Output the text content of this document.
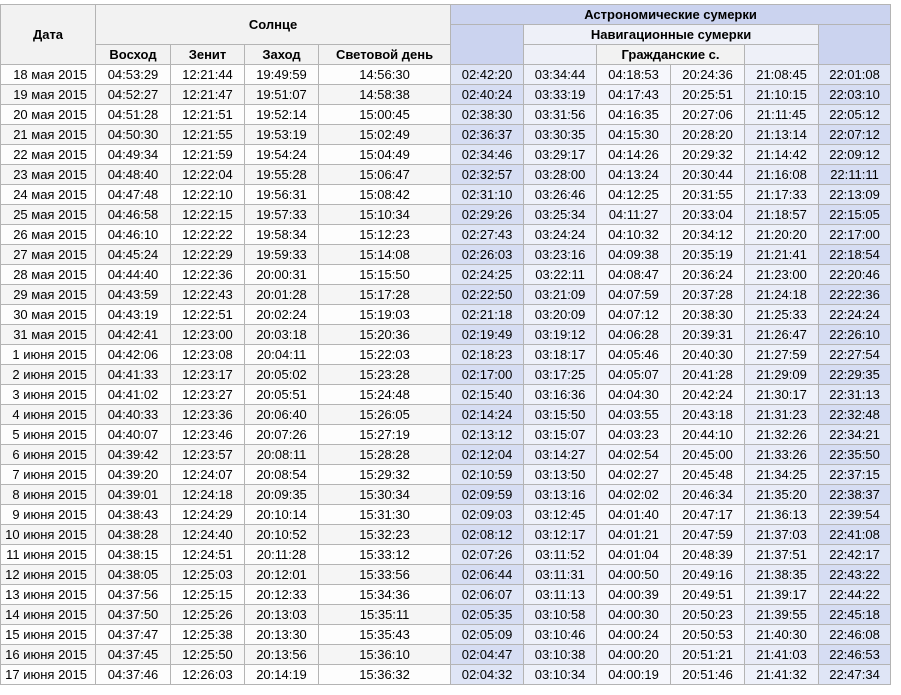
Дата	Солнце				Астрономические сумерки					
						Навигационные сумерки				
	Восход	Зенит	Заход	Световой день			Гражданские с.			
18 мая 2015	04:53:29	12:21:44	19:49:59	14:56:30	02:42:20	03:34:44	04:18:53	20:24:36	21:08:45	22:01:08
19 мая 2015	04:52:27	12:21:47	19:51:07	14:58:38	02:40:24	03:33:19	04:17:43	20:25:51	21:10:15	22:03:10
20 мая 2015	04:51:28	12:21:51	19:52:14	15:00:45	02:38:30	03:31:56	04:16:35	20:27:06	21:11:45	22:05:12
21 мая 2015	04:50:30	12:21:55	19:53:19	15:02:49	02:36:37	03:30:35	04:15:30	20:28:20	21:13:14	22:07:12
22 мая 2015	04:49:34	12:21:59	19:54:24	15:04:49	02:34:46	03:29:17	04:14:26	20:29:32	21:14:42	22:09:12
23 мая 2015	04:48:40	12:22:04	19:55:28	15:06:47	02:32:57	03:28:00	04:13:24	20:30:44	21:16:08	22:11:11
24 мая 2015	04:47:48	12:22:10	19:56:31	15:08:42	02:31:10	03:26:46	04:12:25	20:31:55	21:17:33	22:13:09
25 мая 2015	04:46:58	12:22:15	19:57:33	15:10:34	02:29:26	03:25:34	04:11:27	20:33:04	21:18:57	22:15:05
26 мая 2015	04:46:10	12:22:22	19:58:34	15:12:23	02:27:43	03:24:24	04:10:32	20:34:12	21:20:20	22:17:00
27 мая 2015	04:45:24	12:22:29	19:59:33	15:14:08	02:26:03	03:23:16	04:09:38	20:35:19	21:21:41	22:18:54
28 мая 2015	04:44:40	12:22:36	20:00:31	15:15:50	02:24:25	03:22:11	04:08:47	20:36:24	21:23:00	22:20:46
29 мая 2015	04:43:59	12:22:43	20:01:28	15:17:28	02:22:50	03:21:09	04:07:59	20:37:28	21:24:18	22:22:36
30 мая 2015	04:43:19	12:22:51	20:02:24	15:19:03	02:21:18	03:20:09	04:07:12	20:38:30	21:25:33	22:24:24
31 мая 2015	04:42:41	12:23:00	20:03:18	15:20:36	02:19:49	03:19:12	04:06:28	20:39:31	21:26:47	22:26:10
1 июня 2015	04:42:06	12:23:08	20:04:11	15:22:03	02:18:23	03:18:17	04:05:46	20:40:30	21:27:59	22:27:54
2 июня 2015	04:41:33	12:23:17	20:05:02	15:23:28	02:17:00	03:17:25	04:05:07	20:41:28	21:29:09	22:29:35
3 июня 2015	04:41:02	12:23:27	20:05:51	15:24:48	02:15:40	03:16:36	04:04:30	20:42:24	21:30:17	22:31:13
4 июня 2015	04:40:33	12:23:36	20:06:40	15:26:05	02:14:24	03:15:50	04:03:55	20:43:18	21:31:23	22:32:48
5 июня 2015	04:40:07	12:23:46	20:07:26	15:27:19	02:13:12	03:15:07	04:03:23	20:44:10	21:32:26	22:34:21
6 июня 2015	04:39:42	12:23:57	20:08:11	15:28:28	02:12:04	03:14:27	04:02:54	20:45:00	21:33:26	22:35:50
7 июня 2015	04:39:20	12:24:07	20:08:54	15:29:32	02:10:59	03:13:50	04:02:27	20:45:48	21:34:25	22:37:15
8 июня 2015	04:39:01	12:24:18	20:09:35	15:30:34	02:09:59	03:13:16	04:02:02	20:46:34	21:35:20	22:38:37
9 июня 2015	04:38:43	12:24:29	20:10:14	15:31:30	02:09:03	03:12:45	04:01:40	20:47:17	21:36:13	22:39:54
10 июня 2015	04:38:28	12:24:40	20:10:52	15:32:23	02:08:12	03:12:17	04:01:21	20:47:59	21:37:03	22:41:08
11 июня 2015	04:38:15	12:24:51	20:11:28	15:33:12	02:07:26	03:11:52	04:01:04	20:48:39	21:37:51	22:42:17
12 июня 2015	04:38:05	12:25:03	20:12:01	15:33:56	02:06:44	03:11:31	04:00:50	20:49:16	21:38:35	22:43:22
13 июня 2015	04:37:56	12:25:15	20:12:33	15:34:36	02:06:07	03:11:13	04:00:39	20:49:51	21:39:17	22:44:22
14 июня 2015	04:37:50	12:25:26	20:13:03	15:35:11	02:05:35	03:10:58	04:00:30	20:50:23	21:39:55	22:45:18
15 июня 2015	04:37:47	12:25:38	20:13:30	15:35:43	02:05:09	03:10:46	04:00:24	20:50:53	21:40:30	22:46:08
16 июня 2015	04:37:45	12:25:50	20:13:56	15:36:10	02:04:47	03:10:38	04:00:20	20:51:21	21:41:03	22:46:53
17 июня 2015	04:37:46	12:26:03	20:14:19	15:36:32	02:04:32	03:10:34	04:00:19	20:51:46	21:41:32	22:47:34
